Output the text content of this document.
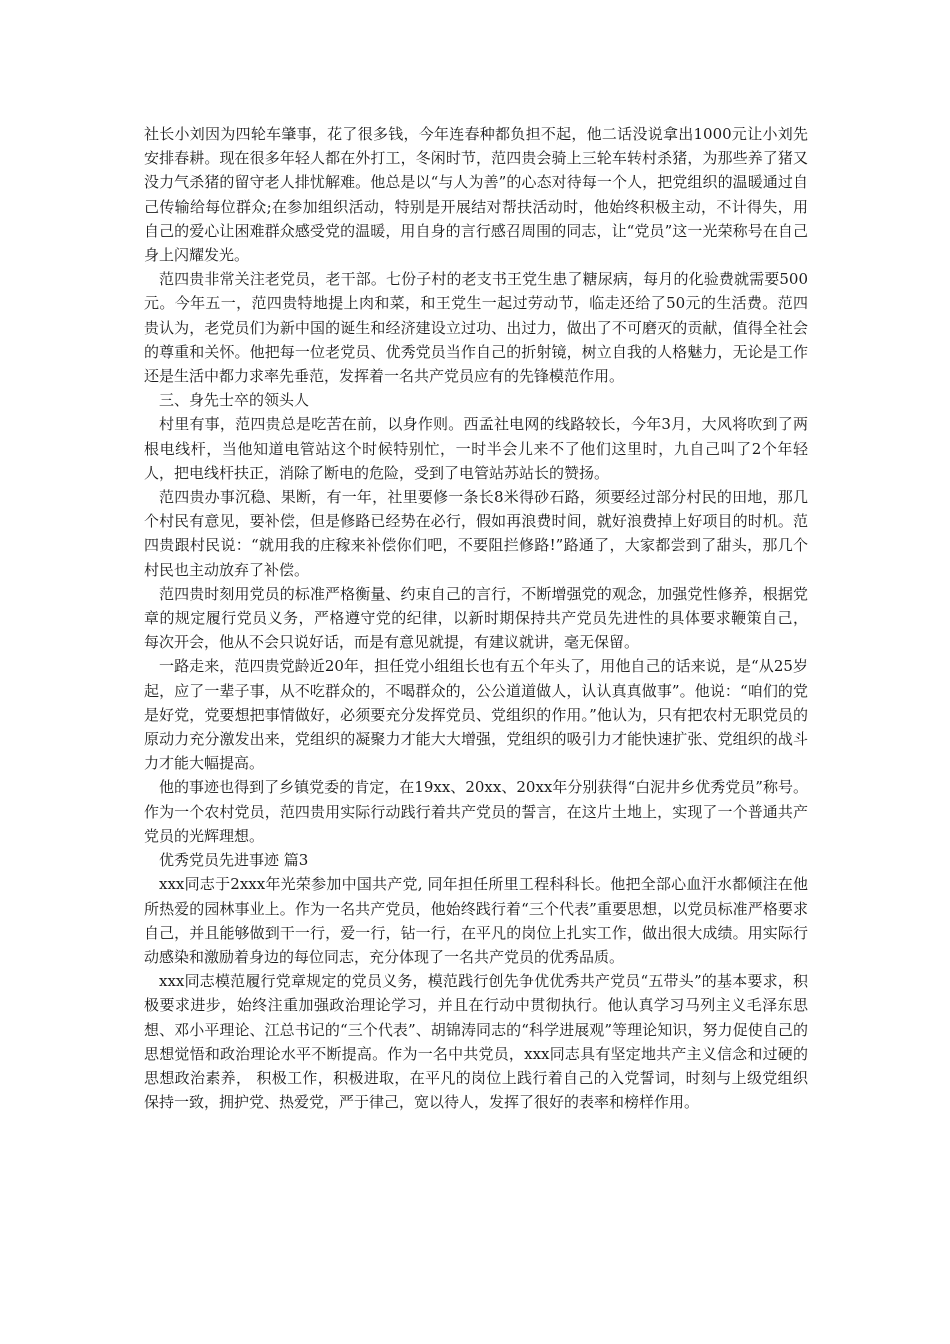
社长小刘因为四轮车肇事，花了很多钱，今年连春种都负担不起，他二话没说拿出1000元让小刘先安排春耕。现在很多年轻人都在外打工，冬闲时节，范四贵会骑上三轮车转村杀猪，为那些养了猪又没力气杀猪的留守老人排忧解难。他总是以“与人为善”的心态对待每一个人，把党组织的温暖通过自己传输给每位群众;在参加组织活动，特别是开展结对帮扶活动时，他始终积极主动，不计得失，用自己的爱心让困难群众感受党的温暖，用自身的言行感召周围的同志，让“党员”这一光荣称号在自己身上闪耀发光。

范四贵非常关注老党员，老干部。七份子村的老支书王党生患了糖尿病，每月的化验费就需要500元。今年五一，范四贵特地提上肉和菜，和王党生一起过劳动节，临走还给了50元的生活费。范四贵认为，老党员们为新中国的诞生和经济建设立过功、出过力，做出了不可磨灭的贡献，值得全社会的尊重和关怀。他把每一位老党员、优秀党员当作自己的折射镜，树立自我的人格魅力，无论是工作还是生活中都力求率先垂范，发挥着一名共产党员应有的先锋模范作用。

三、身先士卒的领头人

村里有事，范四贵总是吃苦在前，以身作则。西孟社电网的线路较长，今年3月，大风将吹到了两根电线杆，当他知道电管站这个时候特别忙，一时半会儿来不了他们这里时，九自己叫了2个年轻人，把电线杆扶正，消除了断电的危险，受到了电管站苏站长的赞扬。

范四贵办事沉稳、果断，有一年，社里要修一条长8米得砂石路，须要经过部分村民的田地，那几个村民有意见，要补偿，但是修路已经势在必行，假如再浪费时间，就好浪费掉上好项目的时机。范四贵跟村民说：“就用我的庄稼来补偿你们吧，不要阻拦修路!”路通了，大家都尝到了甜头，那几个村民也主动放弃了补偿。

范四贵时刻用党员的标准严格衡量、约束自己的言行，不断增强党的观念，加强党性修养，根据党章的规定履行党员义务，严格遵守党的纪律，以新时期保持共产党员先进性的具体要求鞭策自己， 每次开会，他从不会只说好话，而是有意见就提，有建议就讲，毫无保留。

一路走来，范四贵党龄近20年，担任党小组组长也有五个年头了，用他自己的话来说，是“从25岁起，应了一辈子事，从不吃群众的，不喝群众的，公公道道做人，认认真真做事”。他说：“咱们的党是好党，党要想把事情做好，必须要充分发挥党员、党组织的作用。”他认为，只有把农村无职党员的原动力充分激发出来，党组织的凝聚力才能大大增强，党组织的吸引力才能快速扩张、党组织的战斗力才能大幅提高。

他的事迹也得到了乡镇党委的肯定，在19xx、20xx、20xx年分别获得“白泥井乡优秀党员”称号。作为一个农村党员，范四贵用实际行动践行着共产党员的誓言，在这片土地上，实现了一个普通共产党员的光辉理想。

优秀党员先进事迹 篇3

xxx同志于2xxx年光荣参加中国共产党, 同年担任所里工程科科长。他把全部心血汗水都倾注在他所热爱的园林事业上。作为一名共产党员，他始终践行着“三个代表”重要思想，以党员标准严格要求自己，并且能够做到干一行，爱一行，钻一行，在平凡的岗位上扎实工作，做出很大成绩。用实际行动感染和激励着身边的每位同志，充分体现了一名共产党员的优秀品质。

xxx同志模范履行党章规定的党员义务，模范践行创先争优优秀共产党员“五带头”的基本要求，积极要求进步，始终注重加强政治理论学习，并且在行动中贯彻执行。他认真学习马列主义毛泽东思想、邓小平理论、江总书记的“三个代表”、胡锦涛同志的“科学进展观”等理论知识，努力促使自己的思想觉悟和政治理论水平不断提高。作为一名中共党员，xxx同志具有坚定地共产主义信念和过硬的思想政治素养， 积极工作，积极进取，在平凡的岗位上践行着自己的入党誓词，时刻与上级党组织保持一致，拥护党、热爱党，严于律己，宽以待人，发挥了很好的表率和榜样作用。
